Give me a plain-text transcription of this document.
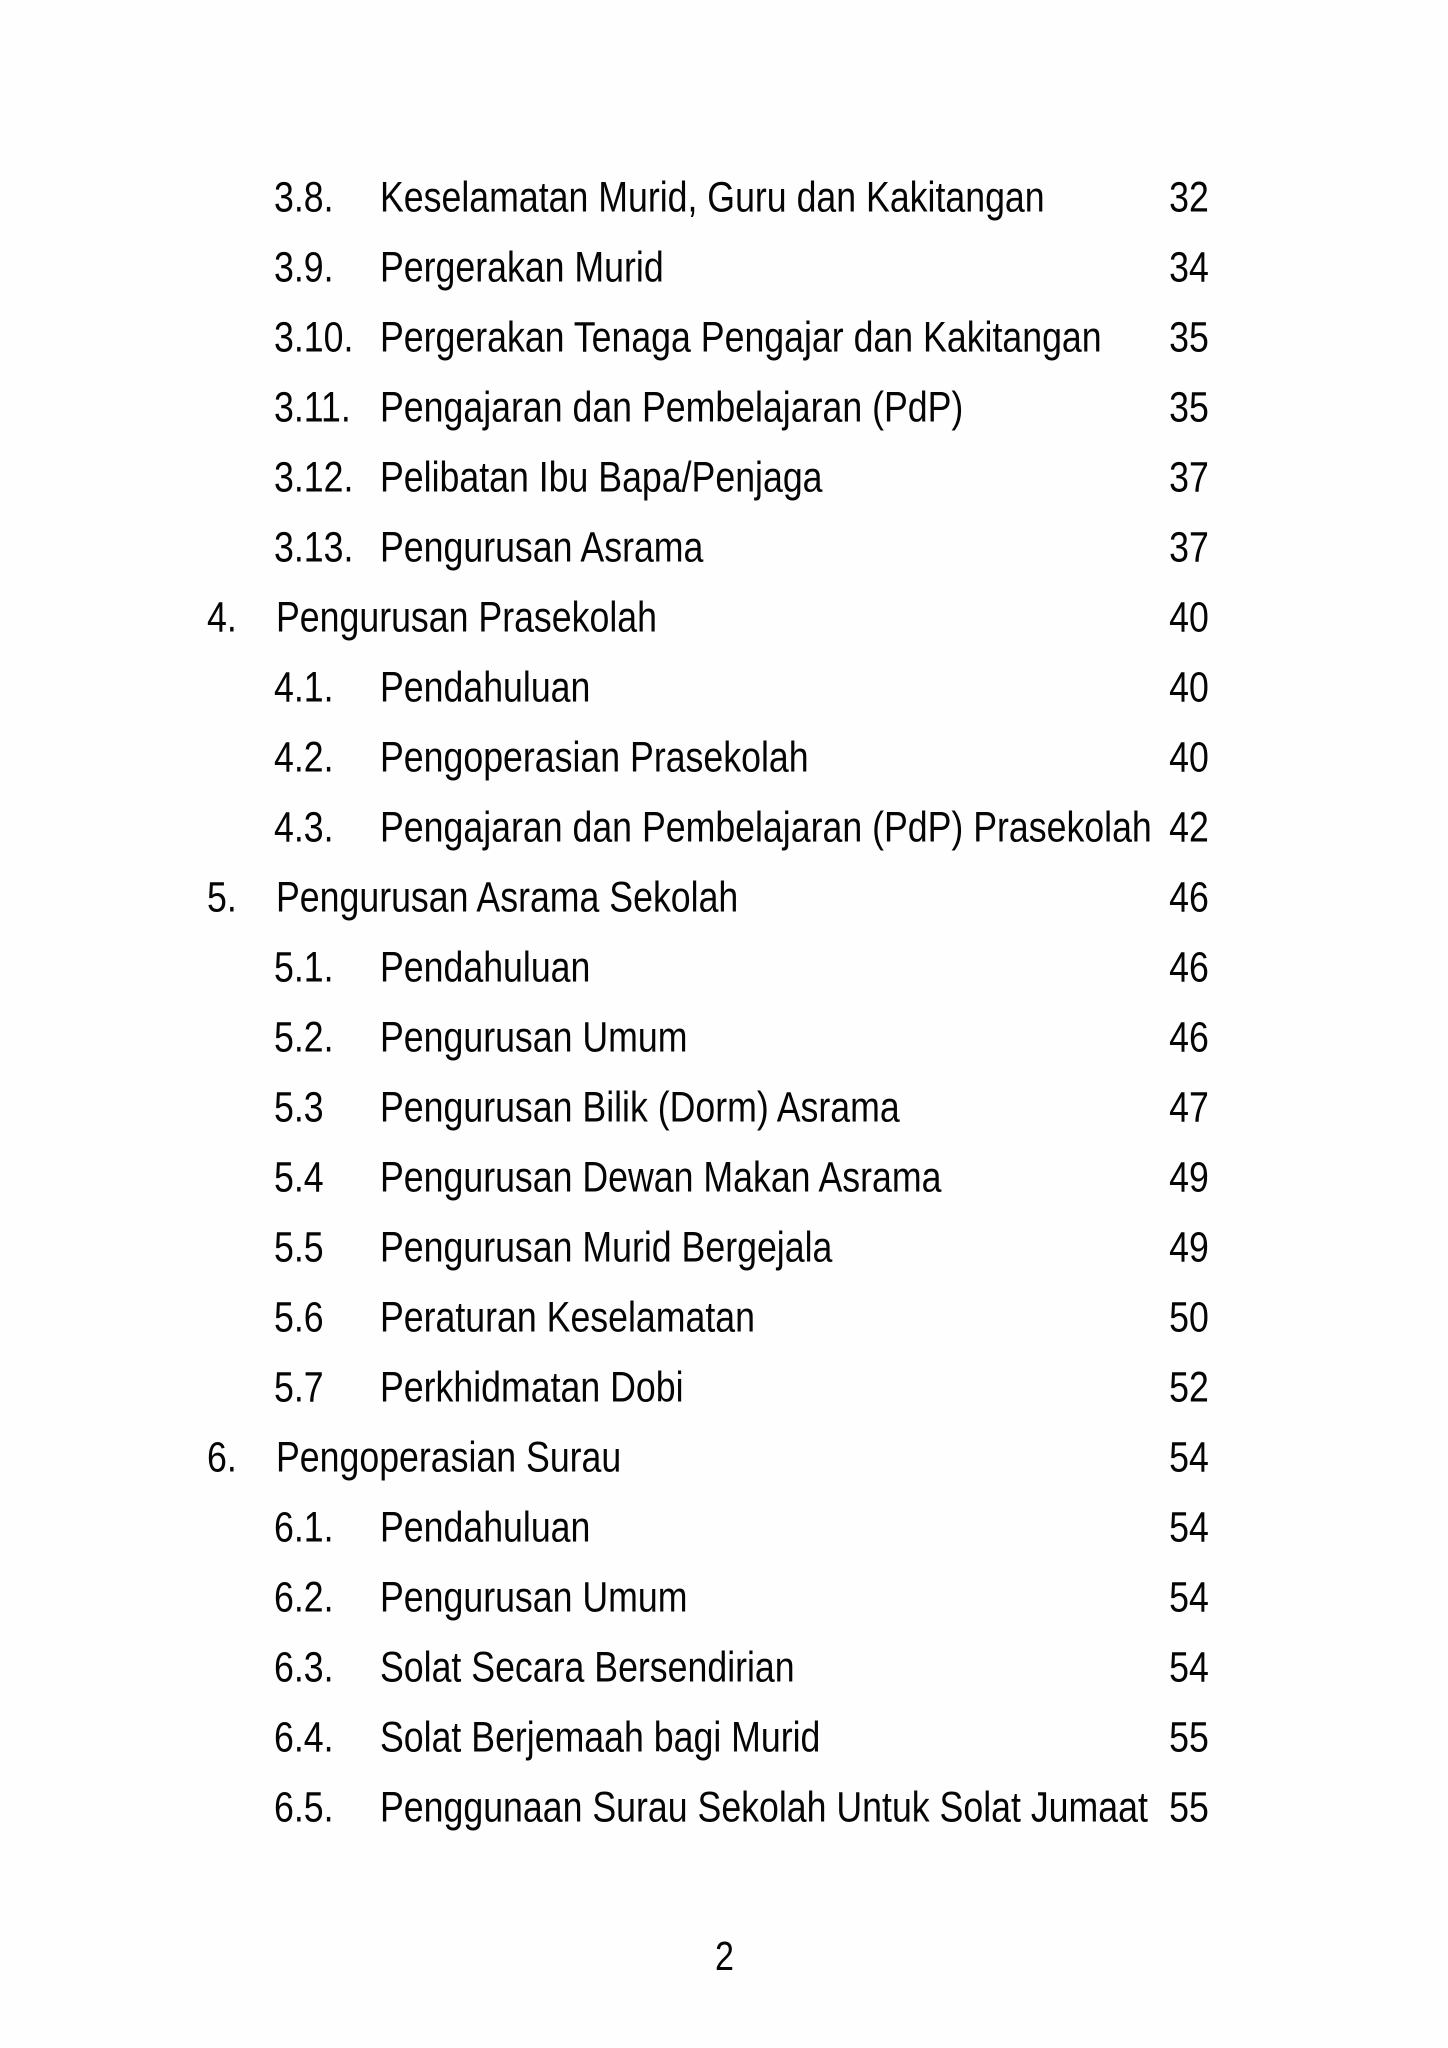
3.8. Keselamatan Murid, Guru dan Kakitangan	32
3.9. Pergerakan Murid	34
3.10. Pergerakan Tenaga Pengajar dan Kakitangan	35
3.11. Pengajaran dan Pembelajaran (PdP)	35
3.12. Pelibatan Ibu Bapa/Penjaga	37
3.13. Pengurusan Asrama	37
4. Pengurusan Prasekolah	40
4.1. Pendahuluan	40
4.2. Pengoperasian Prasekolah	40
4.3. Pengajaran dan Pembelajaran (PdP) Prasekolah 42
5. Pengurusan Asrama Sekolah	46
5.1. Pendahuluan	46
5.2. Pengurusan Umum	46
5.3 Pengurusan Bilik (Dorm) Asrama	47
5.4 Pengurusan Dewan Makan Asrama	49
5.5 Pengurusan Murid Bergejala	49
5.6 Peraturan Keselamatan	50
5.7 Perkhidmatan Dobi	52
6. Pengoperasian Surau	54
6.1. Pendahuluan	54
6.2. Pengurusan Umum	54
6.3. Solat Secara Bersendirian	54
6.4. Solat Berjemaah bagi Murid	55
6.5. Penggunaan Surau Sekolah Untuk Solat Jumaat 55
2
